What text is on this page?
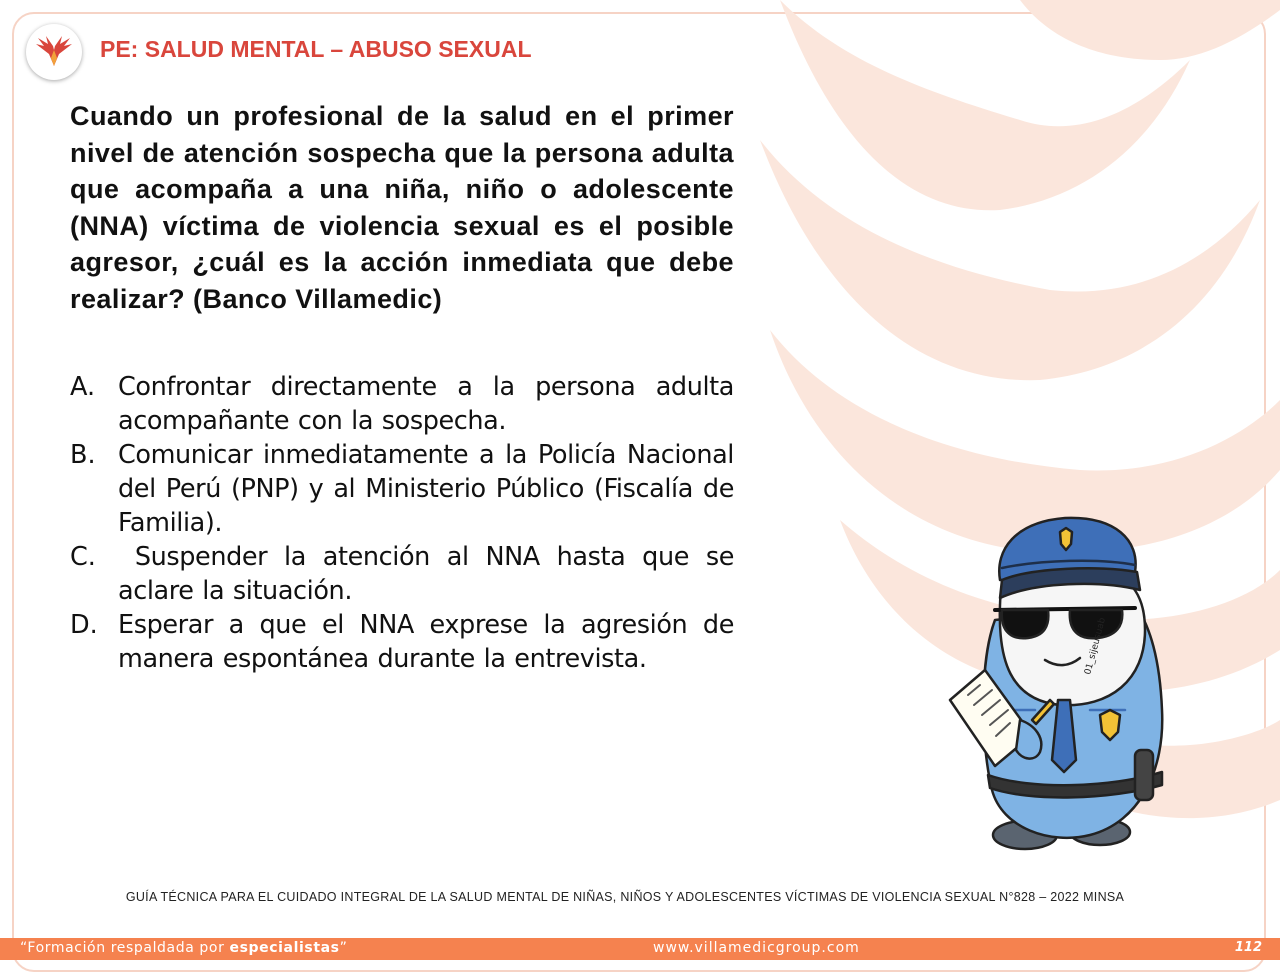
PE: SALUD MENTAL – ABUSO SEXUAL
Cuando un profesional de la salud en el primer nivel de atención sospecha que la persona adulta que acompaña a una niña, niño o adolescente (NNA) víctima de violencia sexual es el posible agresor, ¿cuál es la acción inmediata que debe realizar? (Banco Villamedic)
A. Confrontar directamente a la persona adulta acompañante con la sospecha.
B. Comunicar inmediatamente a la Policía Nacional del Perú (PNP) y al Ministerio Público (Fiscalía de Familia).
C. Suspender la atención al NNA hasta que se aclare la situación.
D. Esperar a que el NNA exprese la agresión de manera espontánea durante la entrevista.	01_sijeusuab
GUÍA TÉCNICA PARA EL CUIDADO INTEGRAL DE LA SALUD MENTAL DE NIÑAS, NIÑOS Y ADOLESCENTES VÍCTIMAS DE VIOLENCIA SEXUAL N°828 – 2022 MINSA
“Formación respaldada por especialistas”	www.villamedicgroup.com	112
